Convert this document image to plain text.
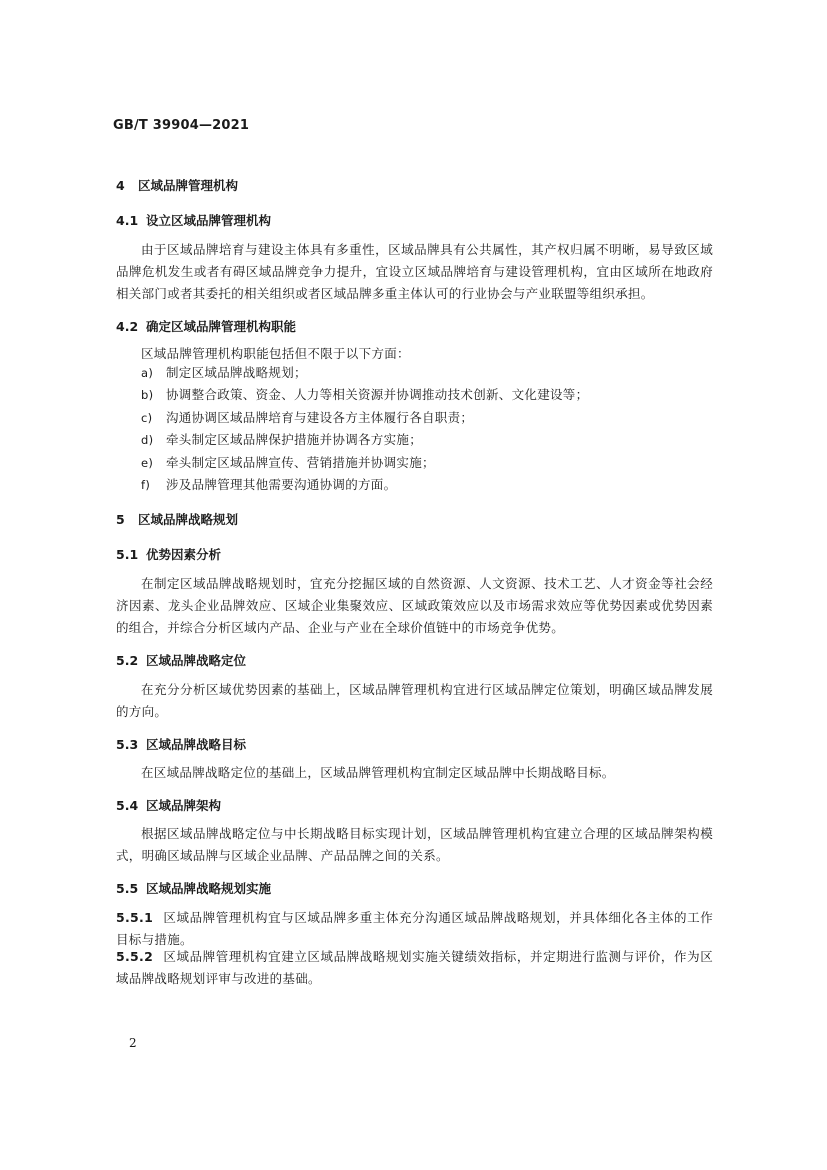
GB/T 39904—2021
4 区域品牌管理机构
4.1 设立区域品牌管理机构
由于区域品牌培育与建设主体具有多重性，区域品牌具有公共属性，其产权归属不明晰，易导致区域品牌危机发生或者有碍区域品牌竞争力提升，宜设立区域品牌培育与建设管理机构，宜由区域所在地政府相关部门或者其委托的相关组织或者区域品牌多重主体认可的行业协会与产业联盟等组织承担。
4.2 确定区域品牌管理机构职能
区域品牌管理机构职能包括但不限于以下方面：
a) 制定区域品牌战略规划；
b) 协调整合政策、资金、人力等相关资源并协调推动技术创新、文化建设等；
c) 沟通协调区域品牌培育与建设各方主体履行各自职责；
d) 牵头制定区域品牌保护措施并协调各方实施；
e) 牵头制定区域品牌宣传、营销措施并协调实施；
f) 涉及品牌管理其他需要沟通协调的方面。
5 区域品牌战略规划
5.1 优势因素分析
在制定区域品牌战略规划时，宜充分挖掘区域的自然资源、人文资源、技术工艺、人才资金等社会经济因素、龙头企业品牌效应、区域企业集聚效应、区域政策效应以及市场需求效应等优势因素或优势因素的组合，并综合分析区域内产品、企业与产业在全球价值链中的市场竞争优势。
5.2 区域品牌战略定位
在充分分析区域优势因素的基础上，区域品牌管理机构宜进行区域品牌定位策划，明确区域品牌发展的方向。
5.3 区域品牌战略目标
在区域品牌战略定位的基础上，区域品牌管理机构宜制定区域品牌中长期战略目标。
5.4 区域品牌架构
根据区域品牌战略定位与中长期战略目标实现计划，区域品牌管理机构宜建立合理的区域品牌架构模式，明确区域品牌与区域企业品牌、产品品牌之间的关系。
5.5 区域品牌战略规划实施
5.5.1 区域品牌管理机构宜与区域品牌多重主体充分沟通区域品牌战略规划，并具体细化各主体的工作目标与措施。
5.5.2 区域品牌管理机构宜建立区域品牌战略规划实施关键绩效指标，并定期进行监测与评价，作为区域品牌战略规划评审与改进的基础。
2
